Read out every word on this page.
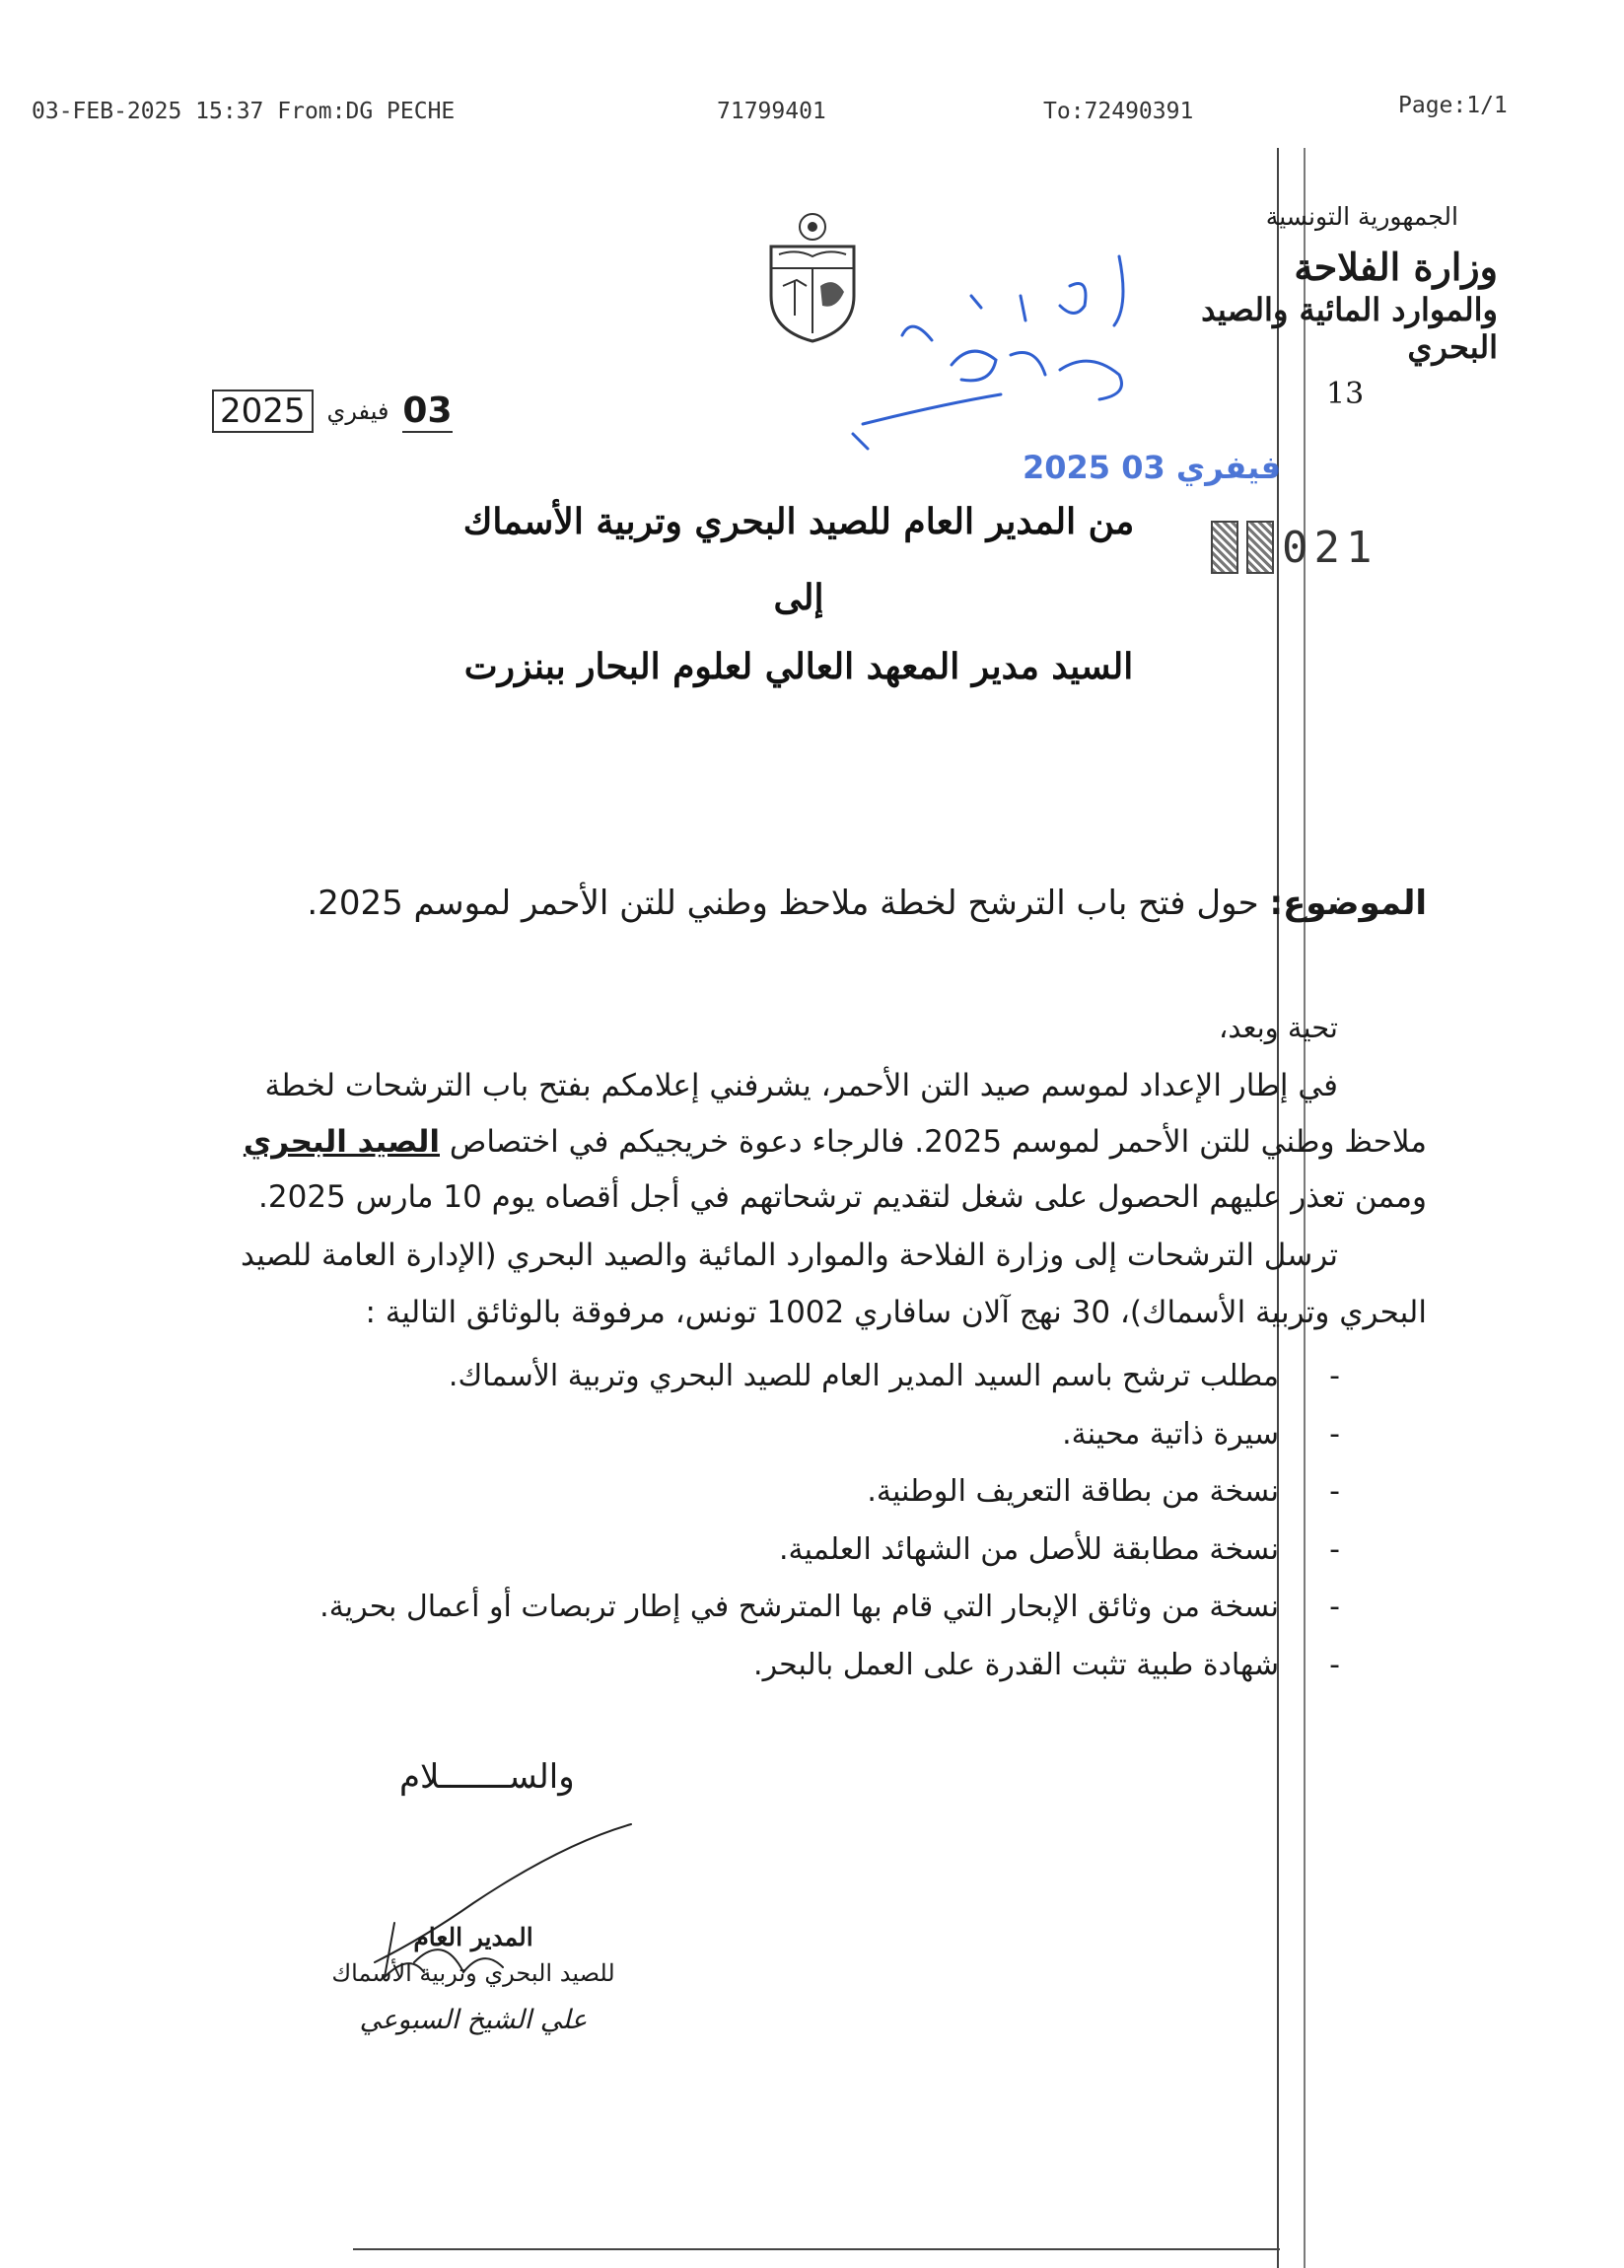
03-FEB-2025 15:37 From:DG PECHE	71799401	To:72490391	Page:1/1
الجمهورية التونسية
وزارة الفلاحة
والموارد المائية والصيد البحري
13
03
فيفري
2025
2025 فيفري 03
021
من المدير العام للصيد البحري وتربية الأسماك
إلى
السيد مدير المعهد العالي لعلوم البحار ببنزرت
الموضوع: حول فتح باب الترشح لخطة ملاحظ وطني للتن الأحمر لموسم 2025.
تحية وبعد،
في إطار الإعداد لموسم صيد التن الأحمر، يشرفني إعلامكم بفتح باب الترشحات لخطة
ملاحظ وطني للتن الأحمر لموسم 2025. فالرجاء دعوة خريجيكم في اختصاص الصيد البحري
وممن تعذر عليهم الحصول على شغل لتقديم ترشحاتهم في أجل أقصاه يوم 10 مارس 2025.
ترسل الترشحات إلى وزارة الفلاحة والموارد المائية والصيد البحري (الإدارة العامة للصيد
البحري وتربية الأسماك)، 30 نهج آلان سافاري 1002 تونس، مرفوقة بالوثائق التالية :
-
مطلب ترشح باسم السيد المدير العام للصيد البحري وتربية الأسماك.
-
سيرة ذاتية محينة.
-
نسخة من بطاقة التعريف الوطنية.
-
نسخة مطابقة للأصل من الشهائد العلمية.
-
نسخة من وثائق الإبحار التي قام بها المترشح في إطار تربصات أو أعمال بحرية.
-
شهادة طبية تثبت القدرة على العمل بالبحر.
والســـــــلام
المدير العام
للصيد البحري وتربية الأسماك
علي الشيخ السبوعي
